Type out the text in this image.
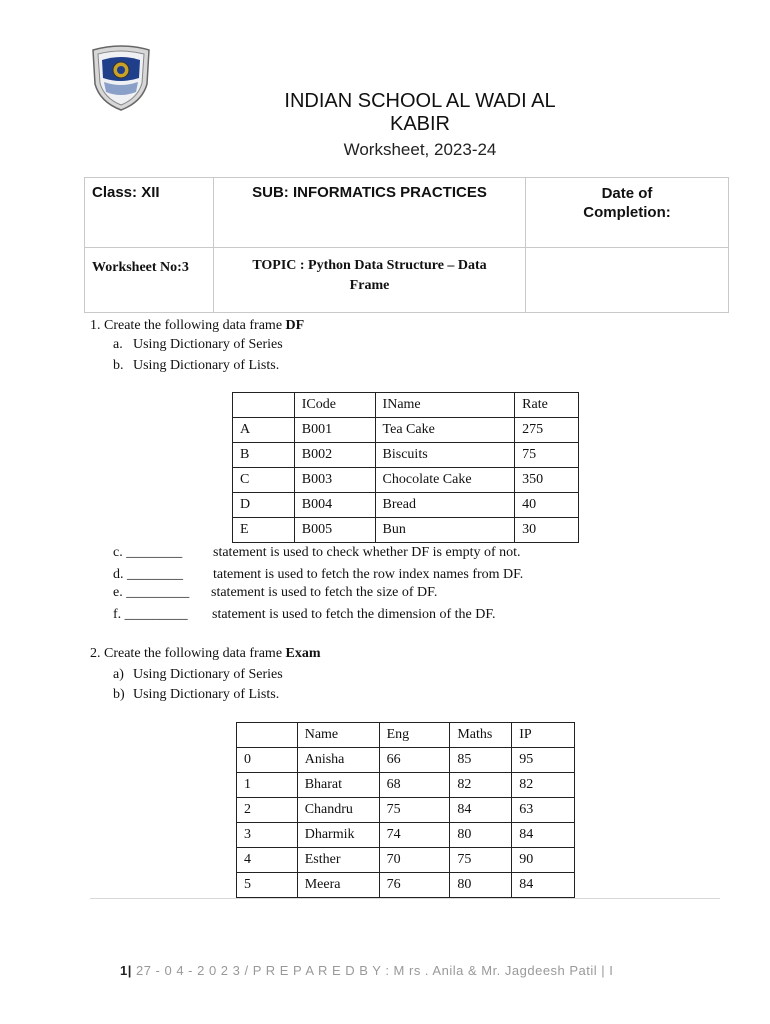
INDIAN SCHOOL AL WADI AL
KABIR
Worksheet, 2023-24
Class: XII	SUB: INFORMATICS PRACTICES	Date of
Completion:

Worksheet No:3	TOPIC : Python Data Structure – Data
Frame	

1. Create the following data frame DF
a. Using Dictionary of Series
b. Using Dictionary of Lists.
	ICode	IName	Rate
A	B001	Tea Cake	275
B	B002	Biscuits	75
C	B003	Chocolate Cake	350
D	B004	Bread	40
E	B005	Bun	30
c. ________ statement is used to check whether DF is empty of not.
d. ________ tatement is used to fetch the row index names from DF.
e. _________ statement is used to fetch the size of DF.
f. _________ statement is used to fetch the dimension of the DF.
2. Create the following data frame Exam
a) Using Dictionary of Series
b) Using Dictionary of Lists.
	Name	Eng	Maths	IP
0	Anisha	66	85	95
1	Bharat	68	82	82
2	Chandru	75	84	63
3	Dharmik	74	80	84
4	Esther	70	75	90
5	Meera	76	80	84
1| 27 - 0 4 - 2 0 2 3 / P R E P A R E D B Y : M rs . Anila & Mr. Jagdeesh Patil | I
